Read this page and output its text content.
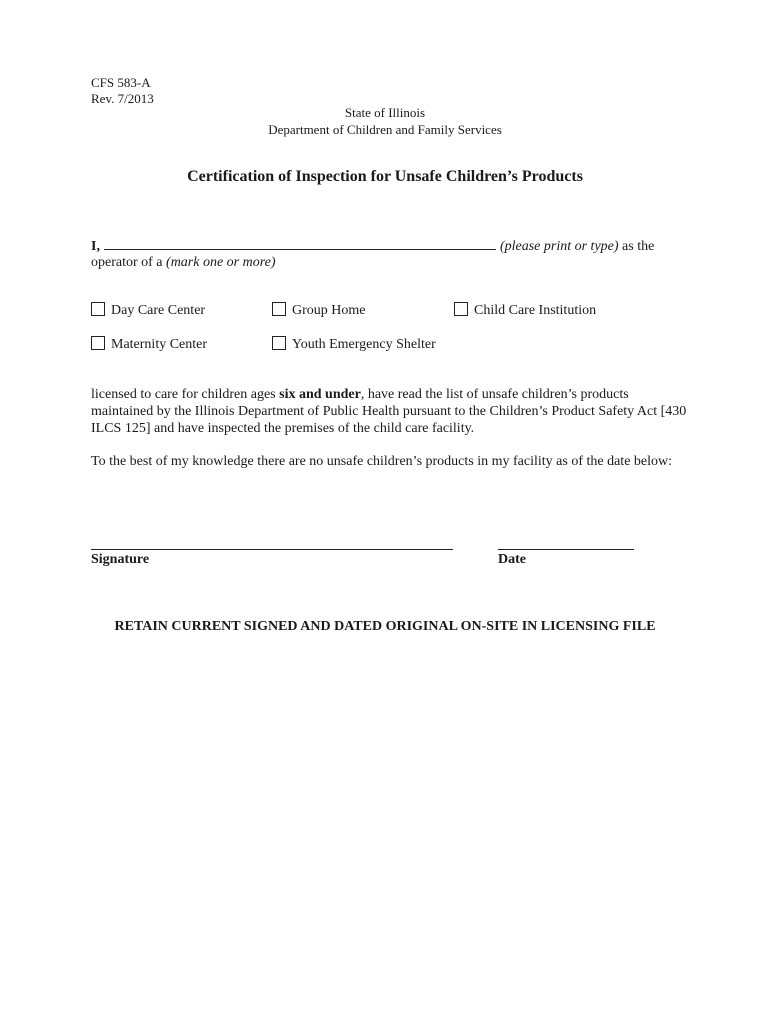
CFS 583-A
Rev. 7/2013
State of Illinois
Department of Children and Family Services
Certification of Inspection for Unsafe Children’s Products
I,	(please print or type) as the
operator of a (mark one or more)
Day Care Center	Group Home	Child Care Institution
Maternity Center	Youth Emergency Shelter
licensed to care for children ages six and under, have read the list of unsafe children’s products maintained by the Illinois Department of Public Health pursuant to the Children’s Product Safety Act [430 ILCS 125] and have inspected the premises of the child care facility.
To the best of my knowledge there are no unsafe children’s products in my facility as of the date below:
Signature	Date
RETAIN CURRENT SIGNED AND DATED ORIGINAL ON-SITE IN LICENSING FILE
